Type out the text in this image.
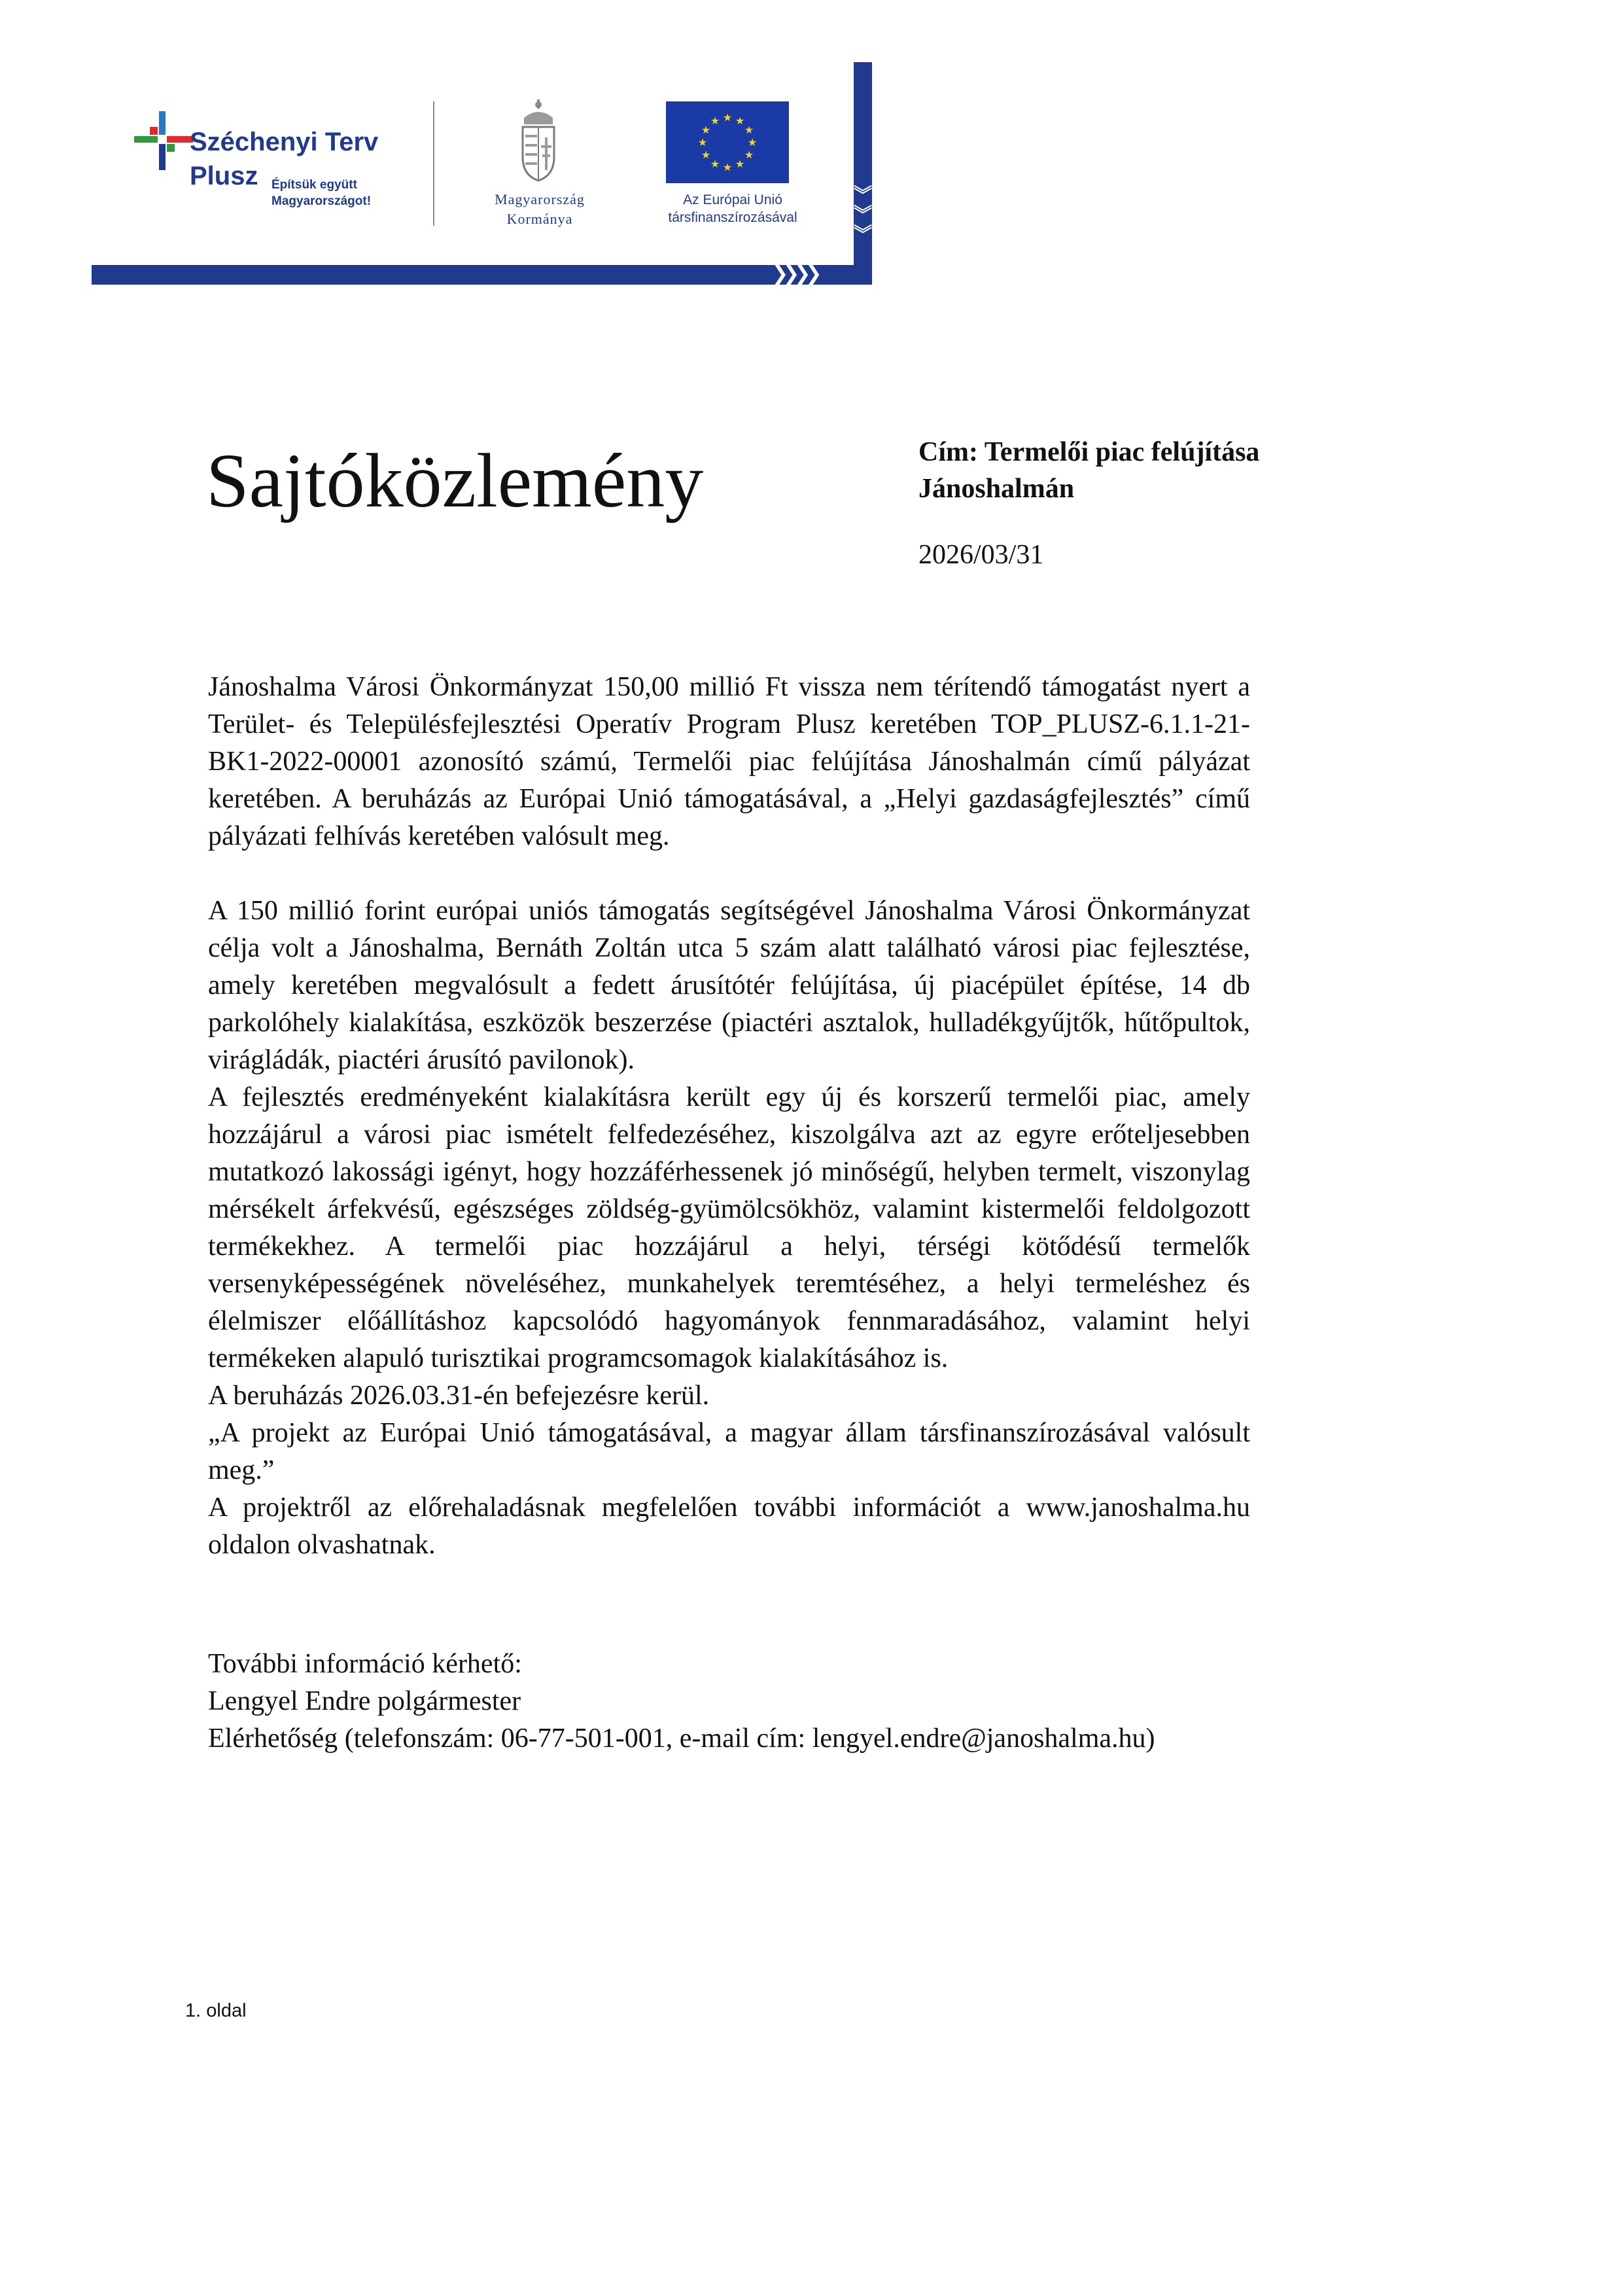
❯❯❯❯
︾
︾
︾
Széchenyi Terv
Plusz Építsük együtt
Magyarországot!	Magyarország
Kormánya
★ ★
★
★
★
★
★
★
★
★
★
★
Az Európai Unió
társfinanszírozásával
Sajtóközlemény	Cím: Termelői piac felújítása
Jánoshalmán
2026/03/31

Jánoshalma Városi Önkormányzat 150,00 millió Ft vissza nem térítendő támogatást nyert a Terület- és Településfejlesztési Operatív Program Plusz keretében TOP_PLUSZ-6.1.1-21-BK1-2022-00001 azonosító számú, Termelői piac felújítása Jánoshalmán című pályázat keretében. A beruházás az Európai Unió támogatásával, a „Helyi gazdaságfejlesztés” című pályázati felhívás keretében valósult meg.

A 150 millió forint európai uniós támogatás segítségével Jánoshalma Városi Önkormányzat célja volt a Jánoshalma, Bernáth Zoltán utca 5 szám alatt található városi piac fejlesztése, amely keretében megvalósult a fedett árusítótér felújítása, új piacépület építése, 14 db parkolóhely kialakítása, eszközök beszerzése (piactéri asztalok, hulladékgyűjtők, hűtőpultok, virágládák, piactéri árusító pavilonok).

A fejlesztés eredményeként kialakításra került egy új és korszerű termelői piac, amely hozzájárul a városi piac ismételt felfedezéséhez, kiszolgálva azt az egyre erőteljesebben mutatkozó lakossági igényt, hogy hozzáférhessenek jó minőségű, helyben termelt, viszonylag mérsékelt árfekvésű, egészséges zöldség-gyümölcsökhöz, valamint kistermelői feldolgozott termékekhez. A termelői piac hozzájárul a helyi, térségi kötődésű termelők versenyképességének növeléséhez, munkahelyek teremtéséhez, a helyi termeléshez és élelmiszer előállításhoz kapcsolódó hagyományok fennmaradásához, valamint helyi termékeken alapuló turisztikai programcsomagok kialakításához is.

A beruházás 2026.03.31-én befejezésre kerül.

„A projekt az Európai Unió támogatásával, a magyar állam társfinanszírozásával valósult meg.”

A projektről az előrehaladásnak megfelelően további információt a www.janoshalma.hu oldalon olvashatnak.

További információ kérhető:
Lengyel Endre polgármester
Elérhetőség (telefonszám: 06-77-501-001, e-mail cím: lengyel.endre@janoshalma.hu)
1. oldal
